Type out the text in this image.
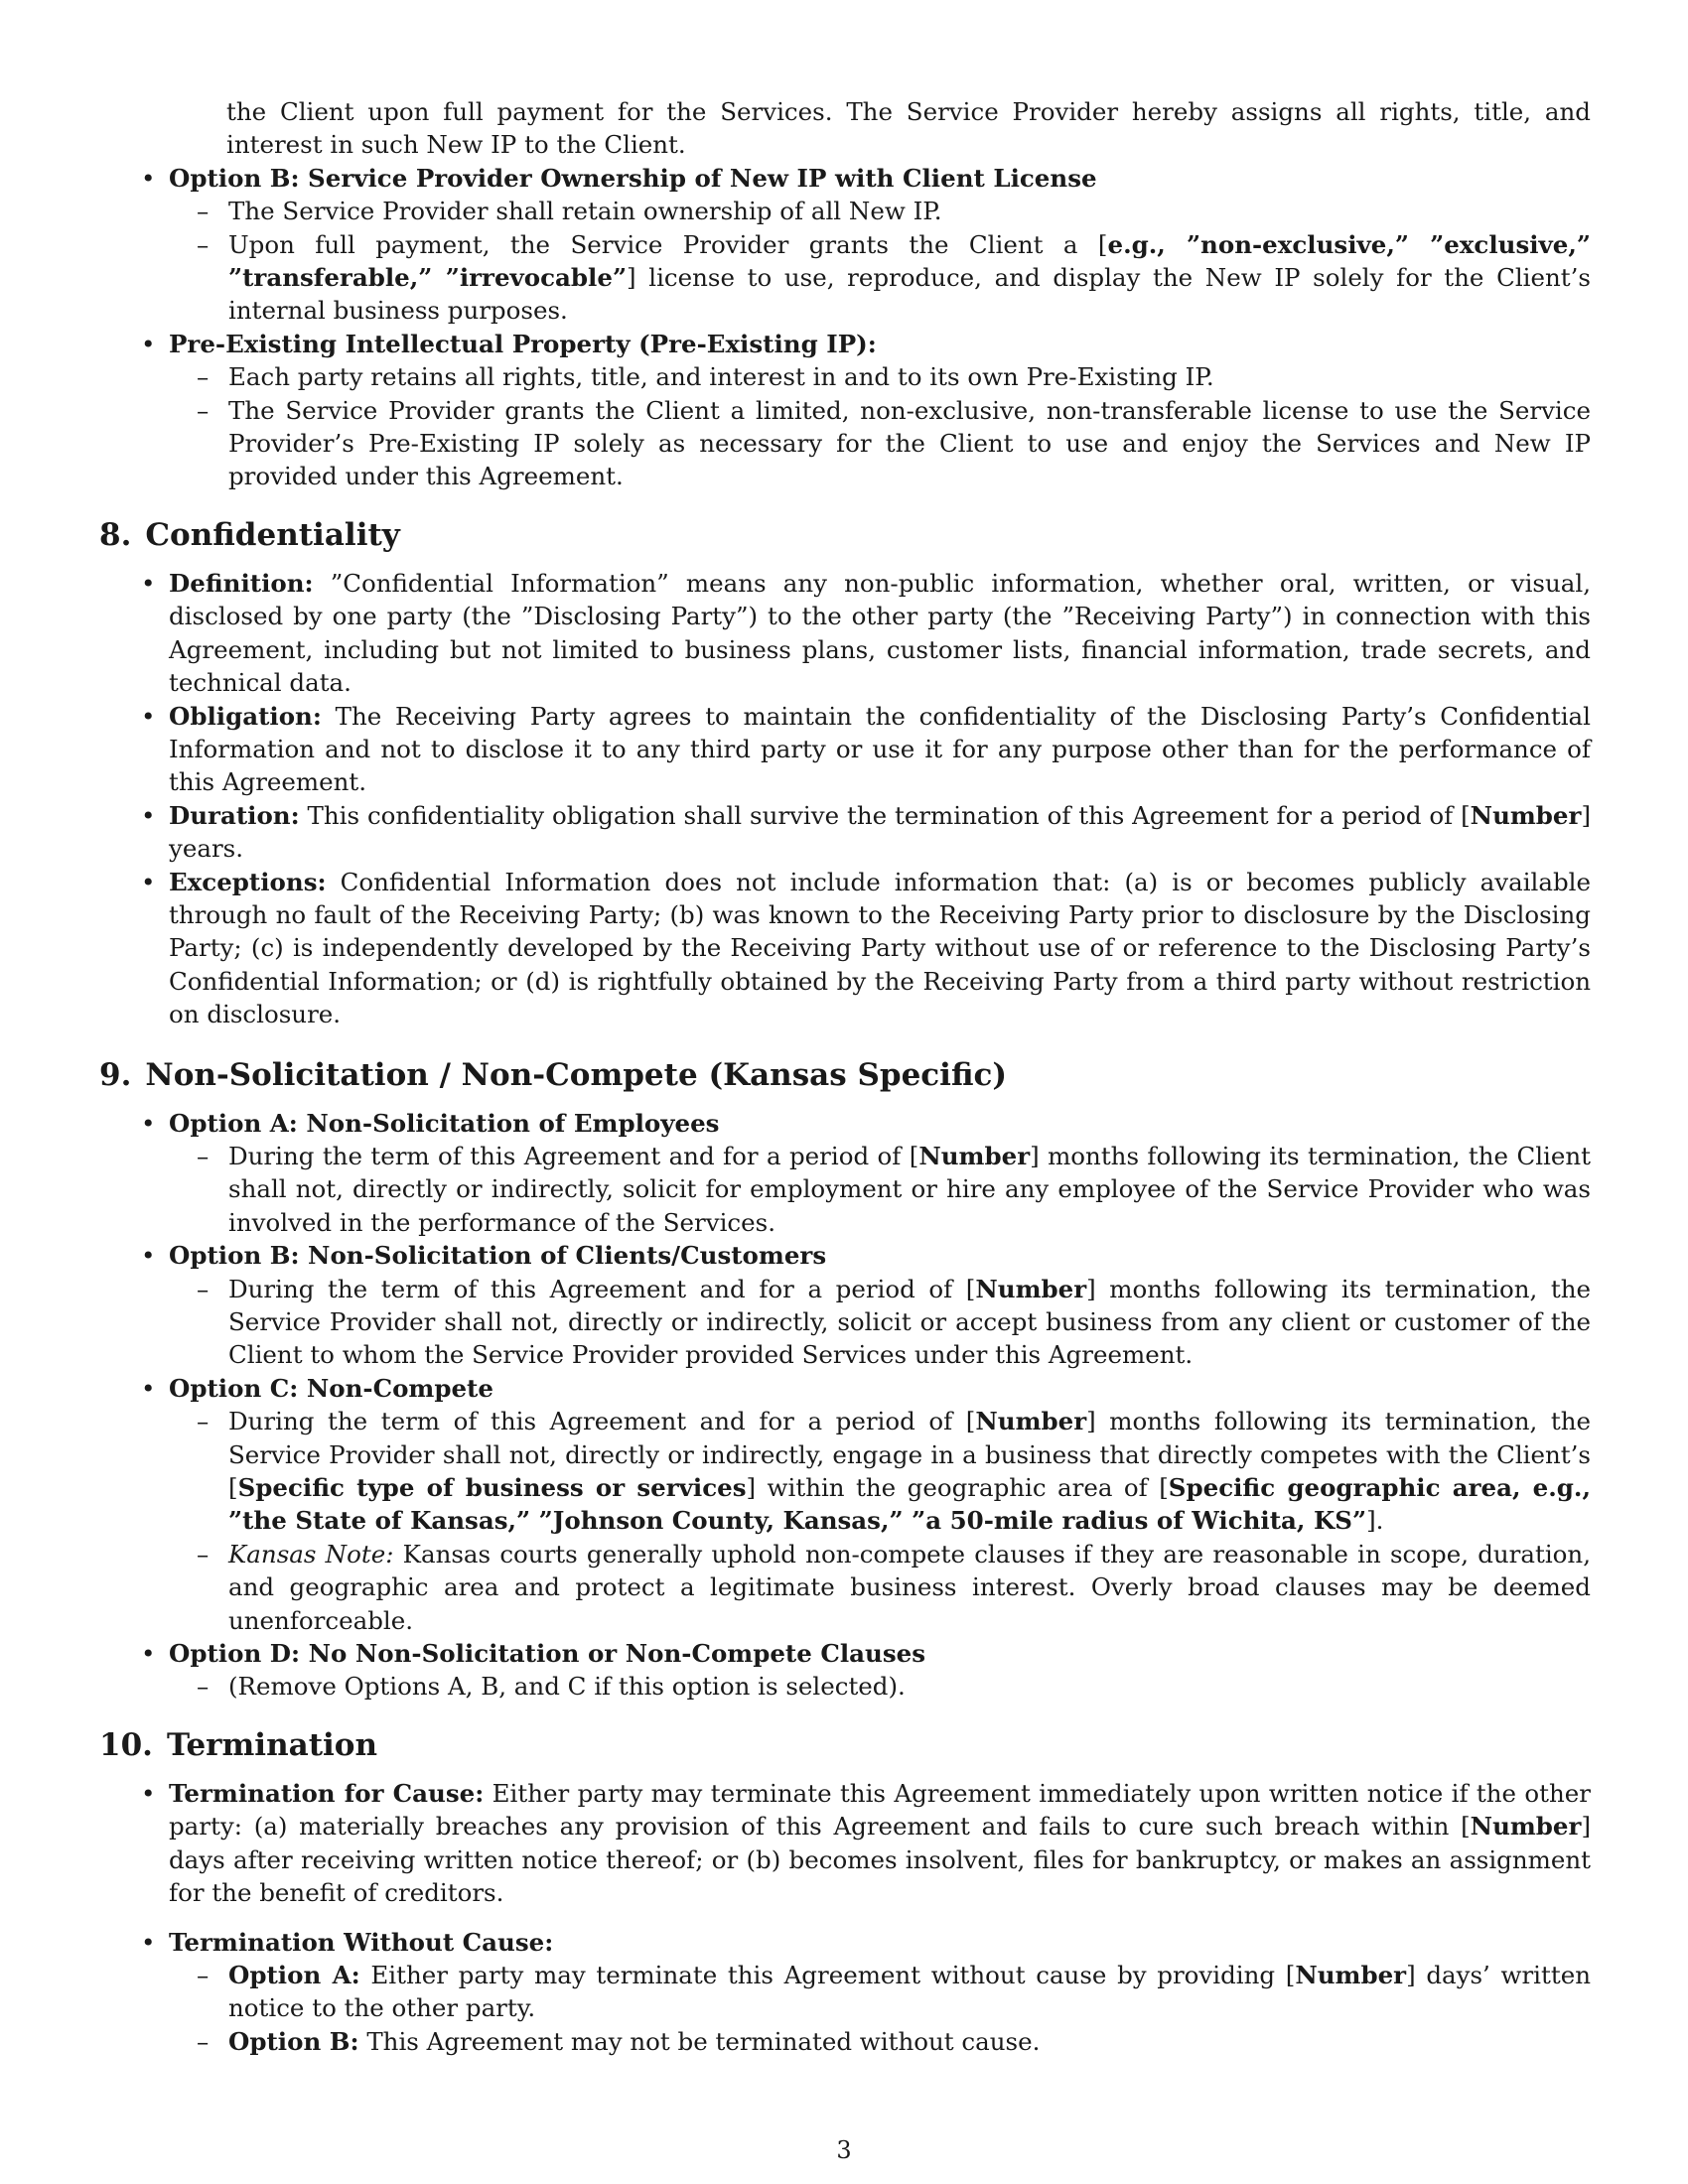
the Client upon full payment for the Services. The Service Provider hereby assigns all rights, title, and interest in such New IP to the Client.
• Option B: Service Provider Ownership of New IP with Client License
– The Service Provider shall retain ownership of all New IP.
– Upon full payment, the Service Provider grants the Client a [e.g., ”non-exclusive,” ”exclusive,” ”transferable,” ”irrevocable”] license to use, reproduce, and display the New IP solely for the Client’s internal business purposes.
• Pre-Existing Intellectual Property (Pre-Existing IP):
– Each party retains all rights, title, and interest in and to its own Pre-Existing IP.
– The Service Provider grants the Client a limited, non-exclusive, non-transferable license to use the Service Provider’s Pre-Existing IP solely as necessary for the Client to use and enjoy the Services and New IP provided under this Agreement.
8. Confidentiality
• Definition: ”Confidential Information” means any non-public information, whether oral, written, or visual, disclosed by one party (the ”Disclosing Party”) to the other party (the ”Receiving Party”) in connection with this Agreement, including but not limited to business plans, customer lists, financial information, trade secrets, and technical data.
• Obligation: The Receiving Party agrees to maintain the confidentiality of the Disclosing Party’s Confidential Information and not to disclose it to any third party or use it for any purpose other than for the performance of this Agreement.
• Duration: This confidentiality obligation shall survive the termination of this Agreement for a period of [Number] years.
• Exceptions: Confidential Information does not include information that: (a) is or becomes publicly available through no fault of the Receiving Party; (b) was known to the Receiving Party prior to disclosure by the Disclosing Party; (c) is independently developed by the Receiving Party without use of or reference to the Disclosing Party’s Confidential Information; or (d) is rightfully obtained by the Receiving Party from a third party without restriction on disclosure.
9. Non-Solicitation / Non-Compete (Kansas Specific)
• Option A: Non-Solicitation of Employees
– During the term of this Agreement and for a period of [Number] months following its termination, the Client shall not, directly or indirectly, solicit for employment or hire any employee of the Service Provider who was involved in the performance of the Services.
• Option B: Non-Solicitation of Clients/Customers
– During the term of this Agreement and for a period of [Number] months following its termination, the Service Provider shall not, directly or indirectly, solicit or accept business from any client or customer of the Client to whom the Service Provider provided Services under this Agreement.
• Option C: Non-Compete
– During the term of this Agreement and for a period of [Number] months following its termination, the Service Provider shall not, directly or indirectly, engage in a business that directly competes with the Client’s [Specific type of business or services] within the geographic area of [Specific geographic area, e.g., ”the State of Kansas,” ”Johnson County, Kansas,” ”a 50-mile radius of Wichita, KS”].
– Kansas Note: Kansas courts generally uphold non-compete clauses if they are reasonable in scope, duration, and geographic area and protect a legitimate business interest. Overly broad clauses may be deemed unenforceable.
• Option D: No Non-Solicitation or Non-Compete Clauses
– (Remove Options A, B, and C if this option is selected).
10. Termination
• Termination for Cause: Either party may terminate this Agreement immediately upon written notice if the other party: (a) materially breaches any provision of this Agreement and fails to cure such breach within [Number] days after receiving written notice thereof; or (b) becomes insolvent, files for bankruptcy, or makes an assignment for the benefit of creditors.
• Termination Without Cause:
– Option A: Either party may terminate this Agreement without cause by providing [Number] days’ written notice to the other party.
– Option B: This Agreement may not be terminated without cause.
3
